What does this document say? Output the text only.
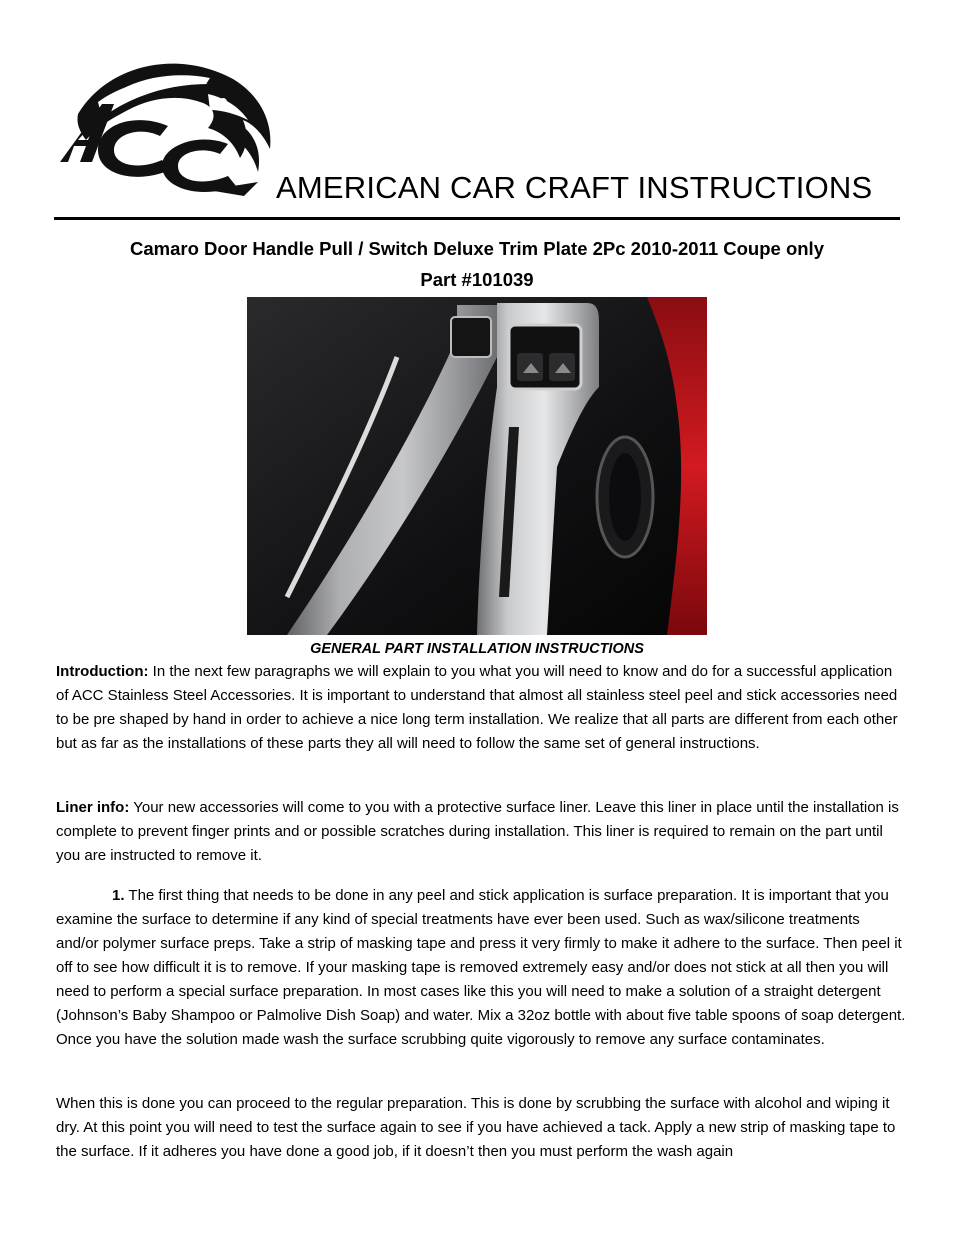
AMERICAN CAR CRAFT INSTRUCTIONS
Camaro Door Handle Pull / Switch Deluxe Trim Plate 2Pc 2010-2011 Coupe only
Part #101039
GENERAL PART INSTALLATION INSTRUCTIONS

Introduction: In the next few paragraphs we will explain to you what you will need to know and do for a successful application of ACC Stainless Steel Accessories. It is important to understand that almost all stainless steel peel and stick accessories need to be pre shaped by hand in order to achieve a nice long term installation. We realize that all parts are different from each other but as far as the installations of these parts they all will need to follow the same set of general instructions.

Liner info: Your new accessories will come to you with a protective surface liner. Leave this liner in place until the installation is complete to prevent finger prints and or possible scratches during installation. This liner is required to remain on the part until you are instructed to remove it.

1. The first thing that needs to be done in any peel and stick application is surface preparation. It is important that you examine the surface to determine if any kind of special treatments have ever been used. Such as wax/silicone treatments and/or polymer surface preps. Take a strip of masking tape and press it very firmly to make it adhere to the surface. Then peel it off to see how difficult it is to remove. If your masking tape is removed extremely easy and/or does not stick at all then you will need to perform a special surface preparation. In most cases like this you will need to make a solution of a straight detergent (Johnson’s Baby Shampoo or Palmolive Dish Soap) and water. Mix a 32oz bottle with about five table spoons of soap detergent. Once you have the solution made wash the surface scrubbing quite vigorously to remove any surface contaminates.

When this is done you can proceed to the regular preparation. This is done by scrubbing the surface with alcohol and wiping it dry. At this point you will need to test the surface again to see if you have achieved a tack. Apply a new strip of masking tape to the surface. If it adheres you have done a good job, if it doesn’t then you must perform the wash again
